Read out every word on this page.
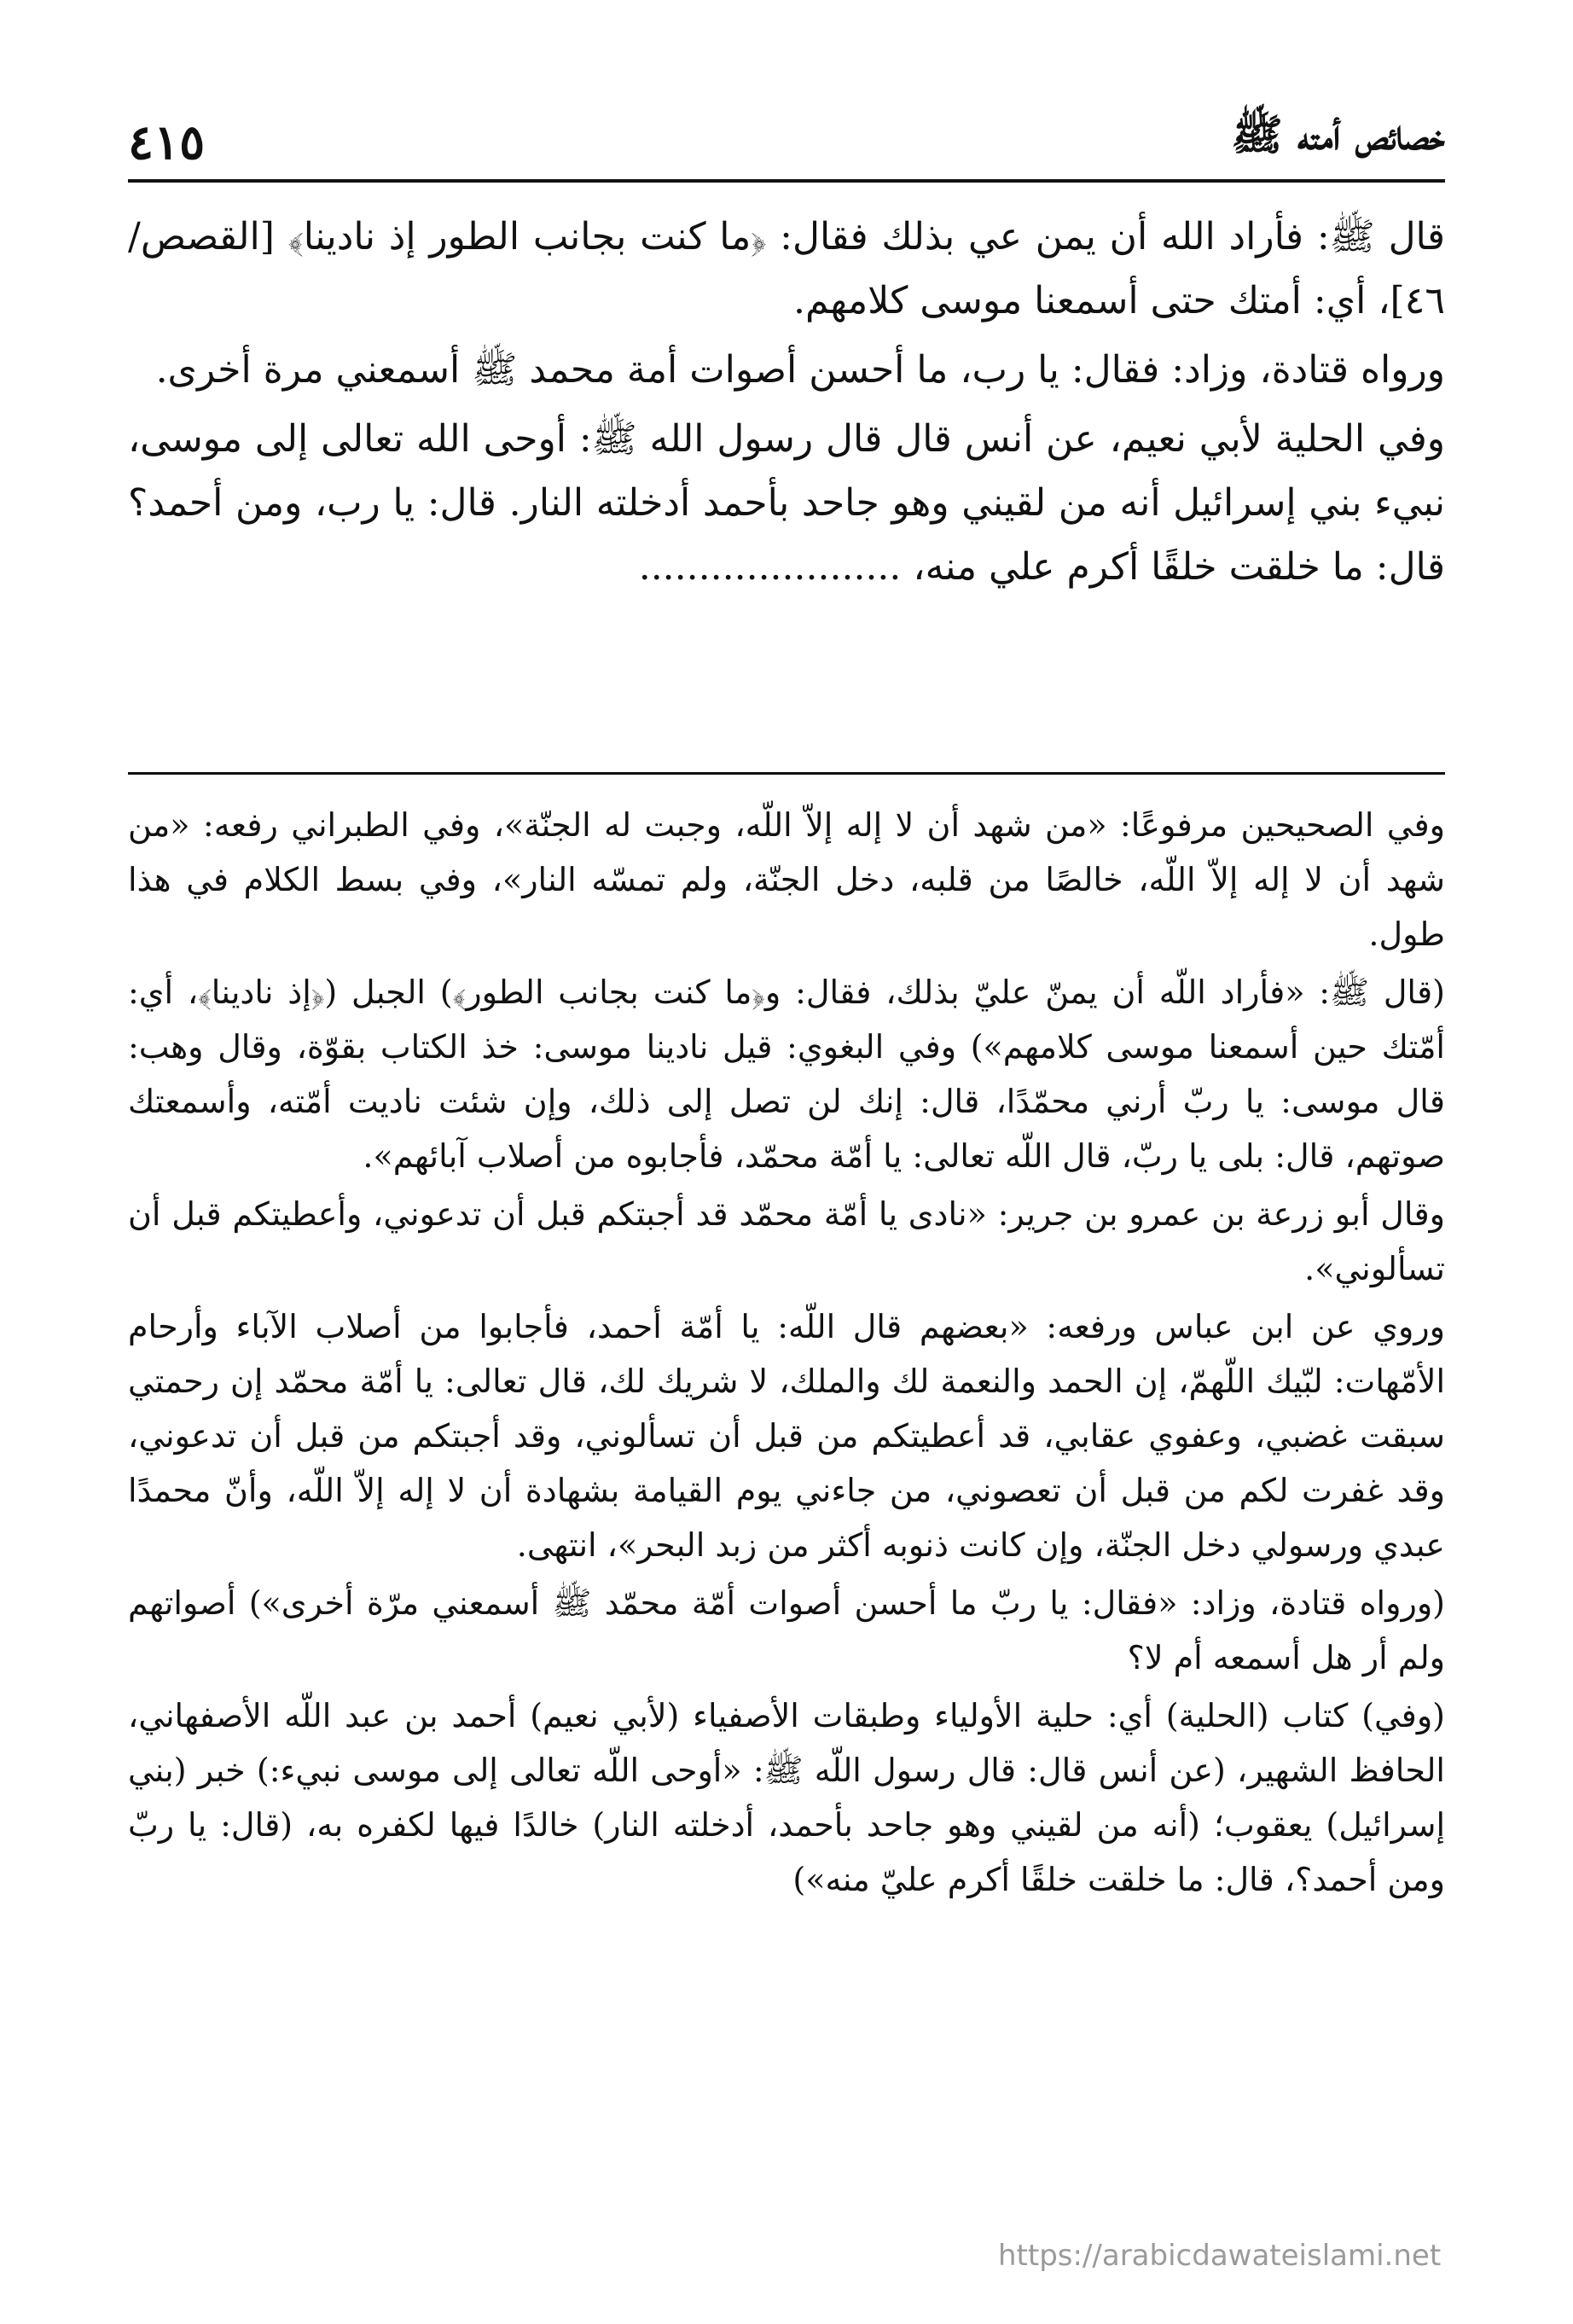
خصائص أمته ﷺ
٤١٥

قال ﷺ: فأراد الله أن يمن عي بذلك فقال: ﴿ما كنت بجانب الطور إذ نادينا﴾ [القصص/٤٦]، أي: أمتك حتى أسمعنا موسى كلامهم.

ورواه قتادة، وزاد: فقال: يا رب، ما أحسن أصوات أمة محمد ﷺ أسمعني مرة أخرى.

وفي الحلية لأبي نعيم، عن أنس قال قال رسول الله ﷺ: أوحى الله تعالى إلى موسى، نبيء بني إسرائيل أنه من لقيني وهو جاحد بأحمد أدخلته النار. قال: يا رب، ومن أحمد؟ قال: ما خلقت خلقًا أكرم علي منه، ......................

وفي الصحيحين مرفوعًا: «من شهد أن لا إله إلاّ اللّه، وجبت له الجنّة»، وفي الطبراني رفعه: «من شهد أن لا إله إلاّ اللّه، خالصًا من قلبه، دخل الجنّة، ولم تمسّه النار»، وفي بسط الكلام في هذا طول.

(قال ﷺ: «فأراد اللّه أن يمنّ عليّ بذلك، فقال: و﴿ما كنت بجانب الطور﴾) الجبل (﴿إذ نادينا﴾، أي: أمّتك حين أسمعنا موسى كلامهم») وفي البغوي: قيل نادينا موسى: خذ الكتاب بقوّة، وقال وهب: قال موسى: يا ربّ أرني محمّدًا، قال: إنك لن تصل إلى ذلك، وإن شئت ناديت أمّته، وأسمعتك صوتهم، قال: بلى يا ربّ، قال اللّه تعالى: يا أمّة محمّد، فأجابوه من أصلاب آبائهم».

وقال أبو زرعة بن عمرو بن جرير: «نادى يا أمّة محمّد قد أجبتكم قبل أن تدعوني، وأعطيتكم قبل أن تسألوني».

وروي عن ابن عباس ورفعه: «بعضهم قال اللّه: يا أمّة أحمد، فأجابوا من أصلاب الآباء وأرحام الأمّهات: لبّيك اللّهمّ، إن الحمد والنعمة لك والملك، لا شريك لك، قال تعالى: يا أمّة محمّد إن رحمتي سبقت غضبي، وعفوي عقابي، قد أعطيتكم من قبل أن تسألوني، وقد أجبتكم من قبل أن تدعوني، وقد غفرت لكم من قبل أن تعصوني، من جاءني يوم القيامة بشهادة أن لا إله إلاّ اللّه، وأنّ محمدًا عبدي ورسولي دخل الجنّة، وإن كانت ذنوبه أكثر من زبد البحر»، انتهى.

(ورواه قتادة، وزاد: «فقال: يا ربّ ما أحسن أصوات أمّة محمّد ﷺ أسمعني مرّة أخرى») أصواتهم ولم أر هل أسمعه أم لا؟

(وفي) كتاب (الحلية) أي: حلية الأولياء وطبقات الأصفياء (لأبي نعيم) أحمد بن عبد اللّه الأصفهاني، الحافظ الشهير، (عن أنس قال: قال رسول اللّه ﷺ: «أوحى اللّه تعالى إلى موسى نبيء:) خبر (بني إسرائيل) يعقوب؛ (أنه من لقيني وهو جاحد بأحمد، أدخلته النار) خالدًا فيها لكفره به، (قال: يا ربّ ومن أحمد؟، قال: ما خلقت خلقًا أكرم عليّ منه»)

https://arabicdawateislami.net
